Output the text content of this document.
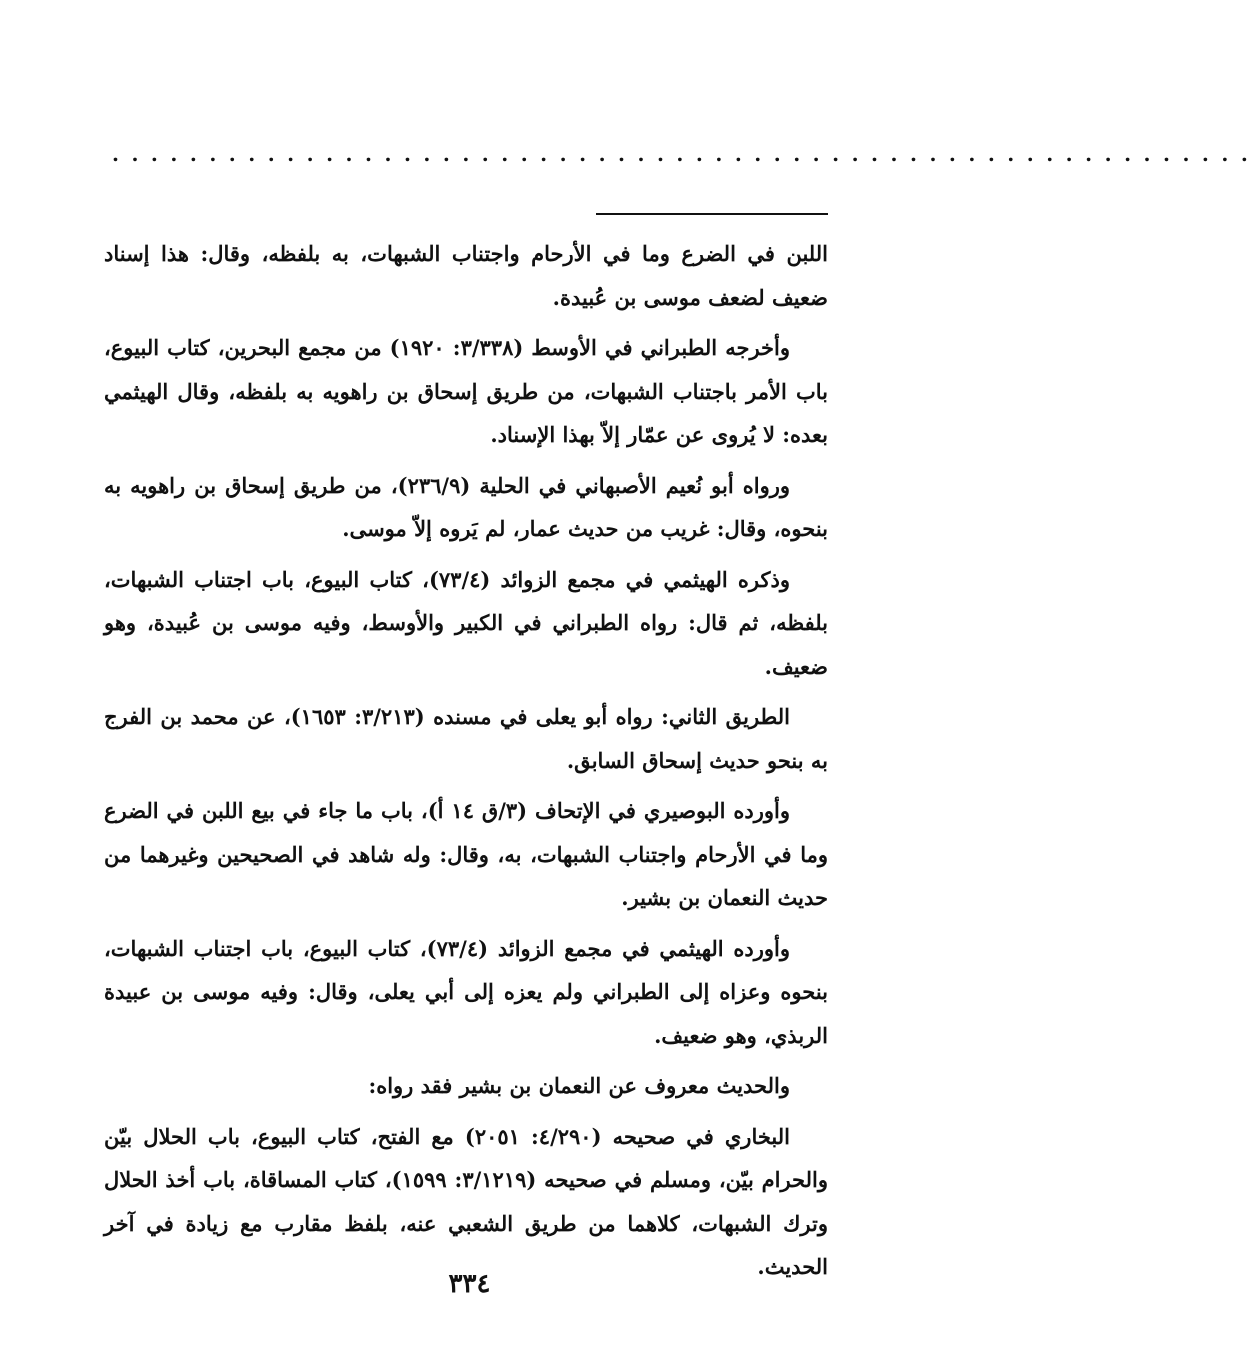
...........................................................

اللبن في الضرع وما في الأرحام واجتناب الشبهات، به بلفظه، وقال: هذا إسناد ضعيف لضعف موسى بن عُبيدة.

وأخرجه الطبراني في الأوسط (٣/٣٣٨: ١٩٢٠) من مجمع البحرين، كتاب البيوع، باب الأمر باجتناب الشبهات، من طريق إسحاق بن راهويه به بلفظه، وقال الهيثمي بعده: لا يُروى عن عمّار إلاّ بهذا الإسناد.

ورواه أبو نُعيم الأصبهاني في الحلية (٢٣٦/٩)، من طريق إسحاق بن راهويه به بنحوه، وقال: غريب من حديث عمار، لم يَروه إلاّ موسى.

وذكره الهيثمي في مجمع الزوائد (٧٣/٤)، كتاب البيوع، باب اجتناب الشبهات، بلفظه، ثم قال: رواه الطبراني في الكبير والأوسط، وفيه موسى بن عُبيدة، وهو ضعيف.

الطريق الثاني: رواه أبو يعلى في مسنده (٣/٢١٣: ١٦٥٣)، عن محمد بن الفرج به بنحو حديث إسحاق السابق.

وأورده البوصيري في الإتحاف (٣/ق ١٤ أ)، باب ما جاء في بيع اللبن في الضرع وما في الأرحام واجتناب الشبهات، به، وقال: وله شاهد في الصحيحين وغيرهما من حديث النعمان بن بشير.

وأورده الهيثمي في مجمع الزوائد (٧٣/٤)، كتاب البيوع، باب اجتناب الشبهات، بنحوه وعزاه إلى الطبراني ولم يعزه إلى أبي يعلى، وقال: وفيه موسى بن عبيدة الربذي، وهو ضعيف.

والحديث معروف عن النعمان بن بشير فقد رواه:

البخاري في صحيحه (٤/٢٩٠: ٢٠٥١) مع الفتح، كتاب البيوع، باب الحلال بيّن والحرام بيّن، ومسلم في صحيحه (٣/١٢١٩: ١٥٩٩)، كتاب المساقاة، باب أخذ الحلال وترك الشبهات، كلاهما من طريق الشعبي عنه، بلفظ مقارب مع زيادة في آخر الحديث.

٣٣٤
